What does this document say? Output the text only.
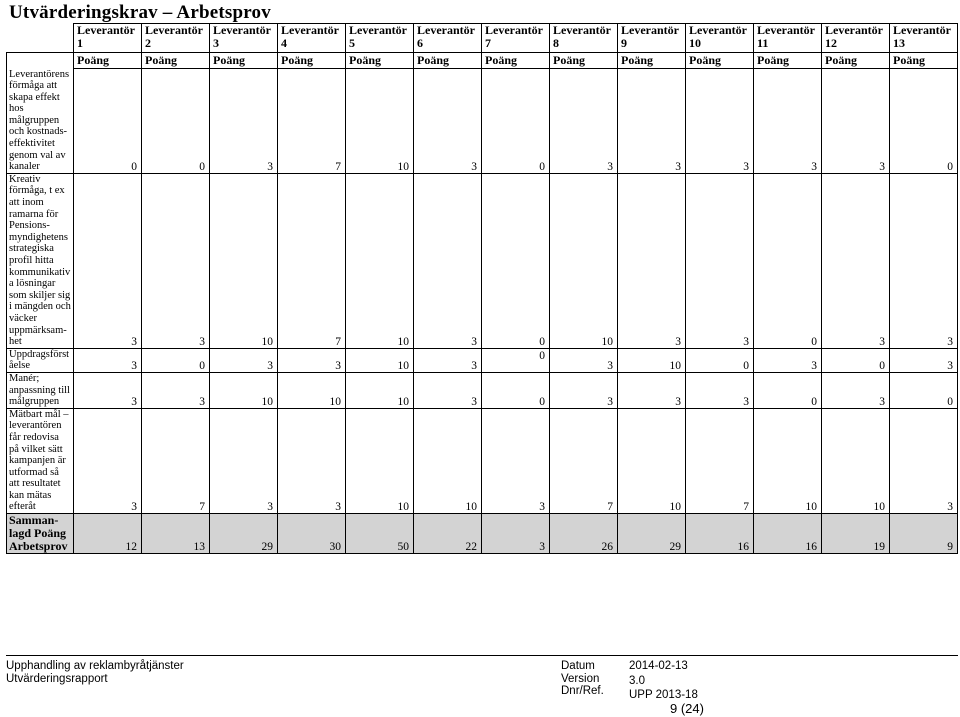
Utvärderingskrav – Arbetsprov
	Leverantör 1	Leverantör 2	Leverantör 3	Leverantör 4	Leverantör 5	Leverantör 6	Leverantör 7	Leverantör 8	Leverantör 9	Leverantör 10	Leverantör 11	Leverantör 12	Leverantör 13
	Poäng	Poäng	Poäng	Poäng	Poäng	Poäng	Poäng	Poäng	Poäng	Poäng	Poäng	Poäng	Poäng

Leverantörens förmåga att skapa effekt hos målgruppen och kostnads-effektivitet genom val av
kanaler	0	0	3	7	10	3	0	3	3	3	3	3	0

Kreativ förmåga, t ex att inom ramarna för Pensions-myndighetens strategiska profil hitta kommunikativ a lösningar som skiljer sig i mängden och väcker uppmärksam-
het	3	3	10	7	10	3	0	10	3	3	0	3	3

Uppdragsförst
åelse	3	0	3	3	10	3	0	3	10	0	3	0	3

Manér; anpassning till
målgruppen	3	3	10	10	10	3	0	3	3	3	0	3	0

Mätbart mål – leverantören får redovisa på vilket sätt kampanjen är utformad så att resultatet kan mätas
efteråt	3	7	3	3	10	10	3	7	10	7	10	10	3

Samman-
lagd Poäng
Arbetsprov	12	13	29	30	50	22	3	26	29	16	16	19	9
Upphandling av reklambyråtjänster
Utvärderingsrapport
Datum
Version
Dnr/Ref.
2014-02-13
3.0
UPP 2013-18
9 (24)
